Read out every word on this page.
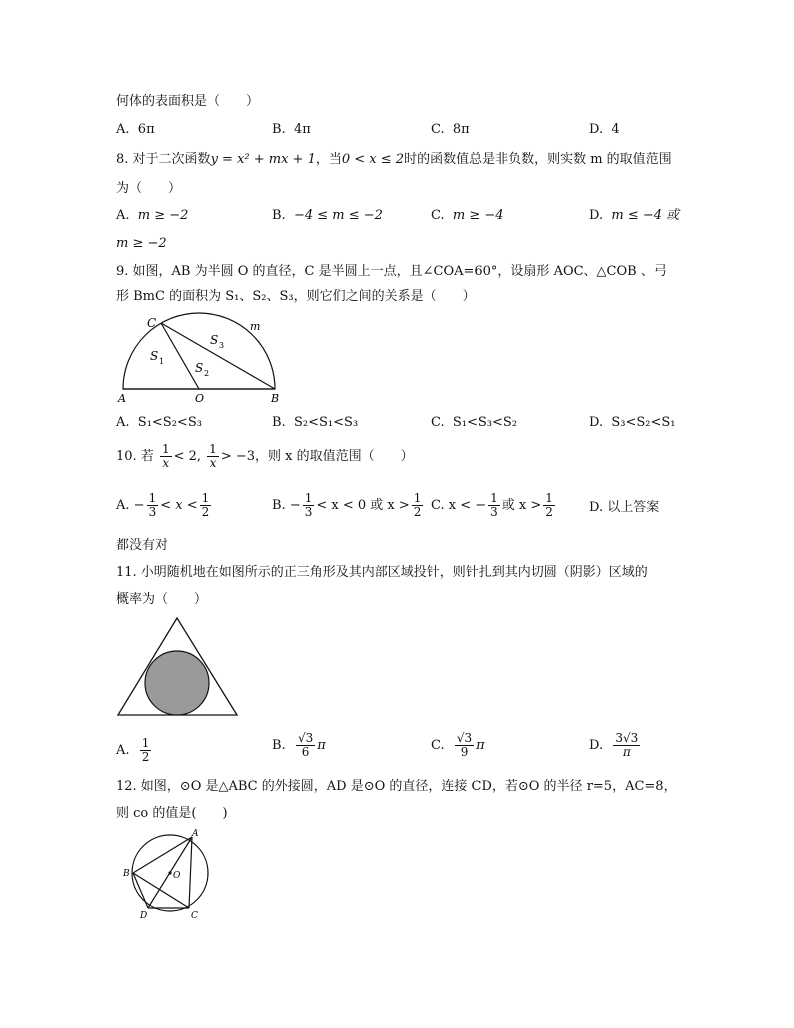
何体的表面积是（　　）
A. 6π	B. 4π	C. 8π	D. 4
8. 对于二次函数y = x² + mx + 1，当0 < x ≤ 2时的函数值总是非负数，则实数 m 的取值范围
为（　　）
A. m ≥ −2	B. −4 ≤ m ≤ −2	C. m ≥ −4	D. m ≤ −4 或
m ≥ −2
9. 如图，AB 为半圆 O 的直径，C 是半圆上一点，且∠COA=60°，设扇形 AOC、△COB 、弓
形 BmC 的面积为 S₁、S₂、S₃，则它们之间的关系是（　　）
C	m
S 3
S 1	S 2
A	O	B
A. S₁<S₂<S₃	B. S₂<S₁<S₃	C. S₁<S₃<S₂	D. S₃<S₂<S₁
10. 若 $\frac{1}{x} < 2$, $\frac{1}{x} > -3$，则 x 的取值范围（　　）
A. − $\frac{1}{3} < x < \frac{1}{2}$	B. − $\frac{1}{3} < x < 0$ 或 $x > \frac{1}{2} C$. x < − $\frac{1}{3}$ 或 $x > \frac{1}{2}$	D. 以上答案
都没有对
11. 小明随机地在如图所示的正三角形及其内部区域投针，则针扎到其内切圆（阴影）区域的
概率为（　　）
A. $\frac{1}{2}$	B. $\frac{√3}{6}$ π	C. $\frac{√3}{9}$ π	D. $\frac{3√3}{\pi}$
12. 如图，⊙O 是△ABC 的外接圆，AD 是⊙O 的直径，连接 CD，若⊙O 的半径 r=5，AC=8，
则 co 的值是(　　)
A
B
C
D
O
